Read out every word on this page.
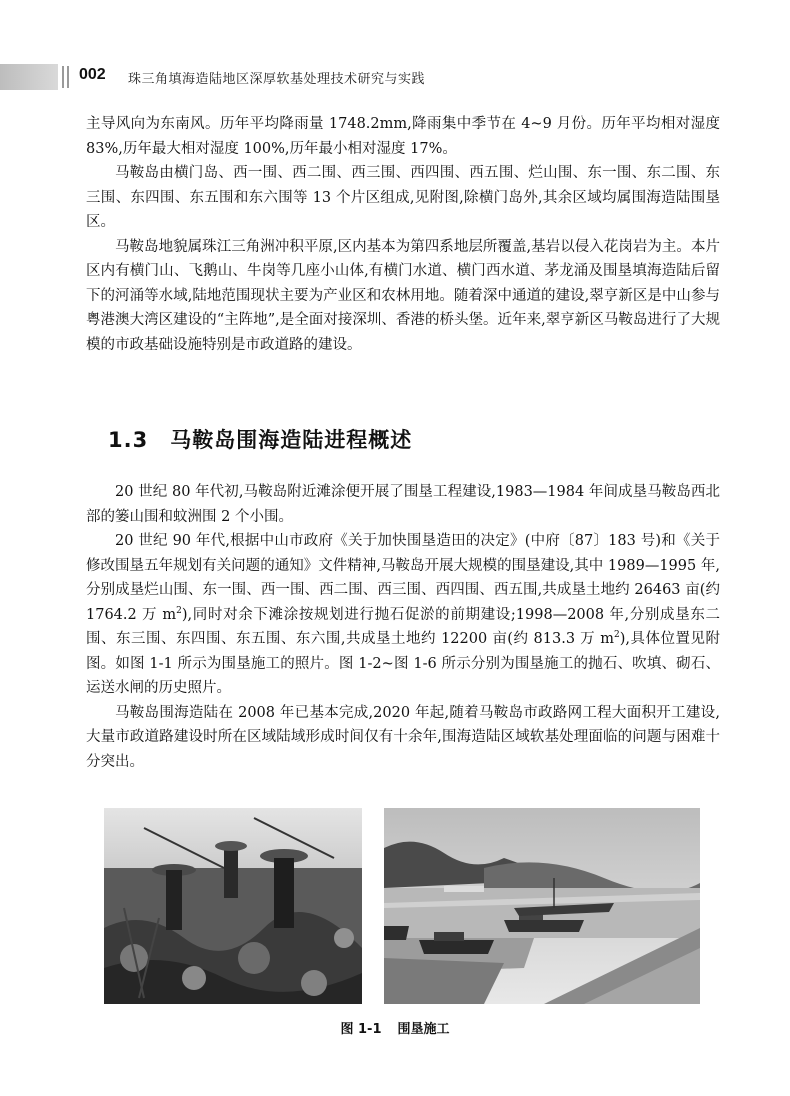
002 珠三角填海造陆地区深厚软基处理技术研究与实践

主导风向为东南风。历年平均降雨量 1748.2mm,降雨集中季节在 4~9 月份。历年平均相对湿度 83%,历年最大相对湿度 100%,历年最小相对湿度 17%。

马鞍岛由横门岛、西一围、西二围、西三围、西四围、西五围、烂山围、东一围、东二围、东三围、东四围、东五围和东六围等 13 个片区组成,见附图,除横门岛外,其余区域均属围海造陆围垦区。

马鞍岛地貌属珠江三角洲冲积平原,区内基本为第四系地层所覆盖,基岩以侵入花岗岩为主。本片区内有横门山、飞鹅山、牛岗等几座小山体,有横门水道、横门西水道、茅龙涌及围垦填海造陆后留下的河涌等水域,陆地范围现状主要为产业区和农林用地。随着深中通道的建设,翠亨新区是中山参与粤港澳大湾区建设的“主阵地”,是全面对接深圳、香港的桥头堡。近年来,翠亨新区马鞍岛进行了大规模的市政基础设施特别是市政道路的建设。

1.3 马鞍岛围海造陆进程概述

20 世纪 80 年代初,马鞍岛附近滩涂便开展了围垦工程建设,1983—1984 年间成垦马鞍岛西北部的篓山围和蚊洲围 2 个小围。

20 世纪 90 年代,根据中山市政府《关于加快围垦造田的决定》(中府〔87〕183 号)和《关于修改围垦五年规划有关问题的通知》文件精神,马鞍岛开展大规模的围垦建设,其中 1989—1995 年,分别成垦烂山围、东一围、西一围、西二围、西三围、西四围、西五围,共成垦土地约 26463 亩(约 1764.2 万 $m^2$),同时对余下滩涂按规划进行抛石促淤的前期建设;1998—2008 年,分别成垦东二围、东三围、东四围、东五围、东六围,共成垦土地约 12200 亩(约 813.3 万 $m^2$),具体位置见附图。如图 1-1 所示为围垦施工的照片。图 1-2~图 1-6 所示分别为围垦施工的抛石、吹填、砌石、运送水闸的历史照片。

马鞍岛围海造陆在 2008 年已基本完成,2020 年起,随着马鞍岛市政路网工程大面积开工建设,大量市政道路建设时所在区域陆域形成时间仅有十余年,围海造陆区域软基处理面临的问题与困难十分突出。

图 1-1 围垦施工
